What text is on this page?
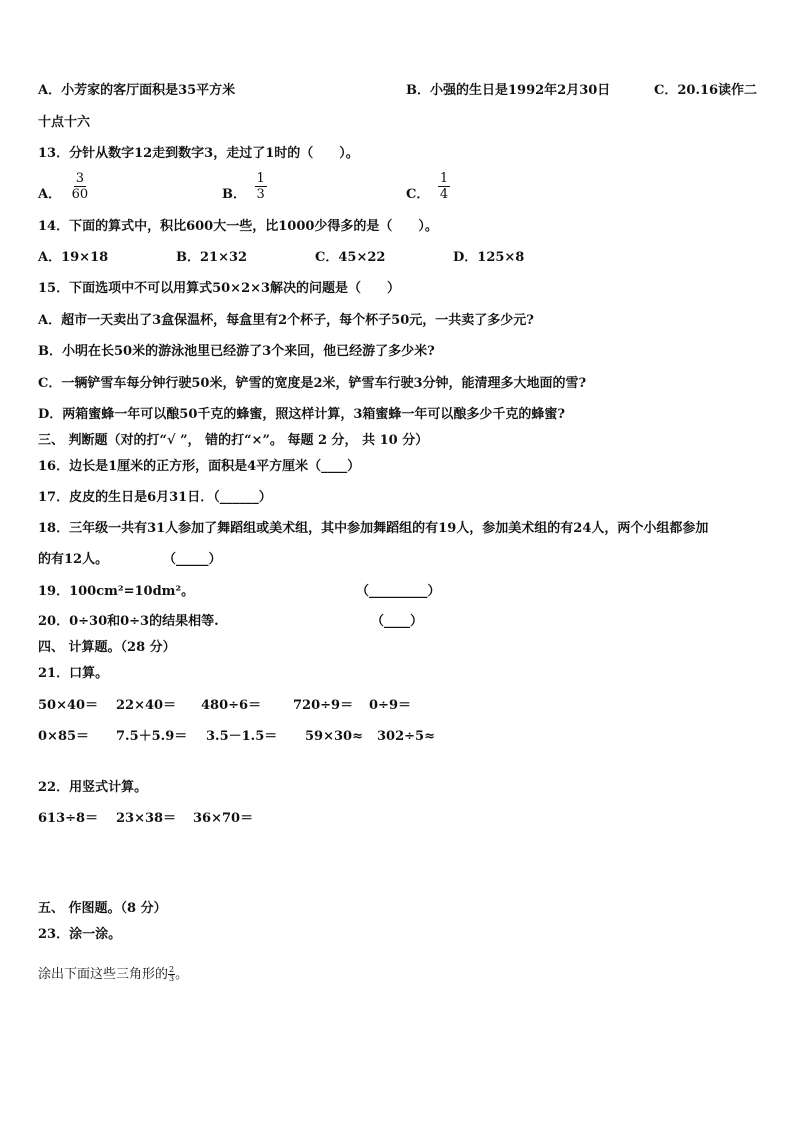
A．小芳家的客厅面积是35平方米	B．小强的生日是1992年2月30日	C．20.16读作二
十点十六
13．分针从数字12走到数字3，走过了1时的（　　）。
A． $\frac{3}{60}$	B． $\frac{1}{3}$	C． $\frac{1}{4}$
14．下面的算式中，积比600大一些，比1000少得多的是（　　）。
A．19×18	B．21×32	C．45×22	D．125×8
15．下面选项中不可以用算式50×2×3解决的问题是（　　）
A．超市一天卖出了3盒保温杯，每盒里有2个杯子，每个杯子50元，一共卖了多少元?
B．小明在长50米的游泳池里已经游了3个来回，他已经游了多少米?
C．一辆铲雪车每分钟行驶50米，铲雪的宽度是2米，铲雪车行驶3分钟，能清理多大地面的雪?
D．两箱蜜蜂一年可以酿50千克的蜂蜜，照这样计算，3箱蜜蜂一年可以酿多少千克的蜂蜜?
三、 判断题（对的打“√ ”， 错的打“×”。 每题 2 分， 共 10 分）
16．边长是1厘米的正方形，面积是4平方厘米（____）
17．皮皮的生日是6月31日．（______）
18．三年级一共有31人参加了舞蹈组或美术组，其中参加舞蹈组的有19人，参加美术组的有24人，两个小组都参加
的有12人。	（_____）
19．100cm²=10dm²。	（_________）
20．0÷30和0÷3的结果相等.	（____）
四、 计算题。（28 分）
21．口算。
50×40＝ 22×40＝ 480÷6＝ 720÷9＝ 0÷9＝
0×85＝ 7.5＋5.9＝ 3.5－1.5＝ 59×30≈ 302÷5≈
22．用竖式计算。
613÷8＝ 23×38＝ 36×70＝
五、 作图题。（8 分）
23．涂一涂。
涂出下面这些三角形的 $\frac{2}{3}$ 。
